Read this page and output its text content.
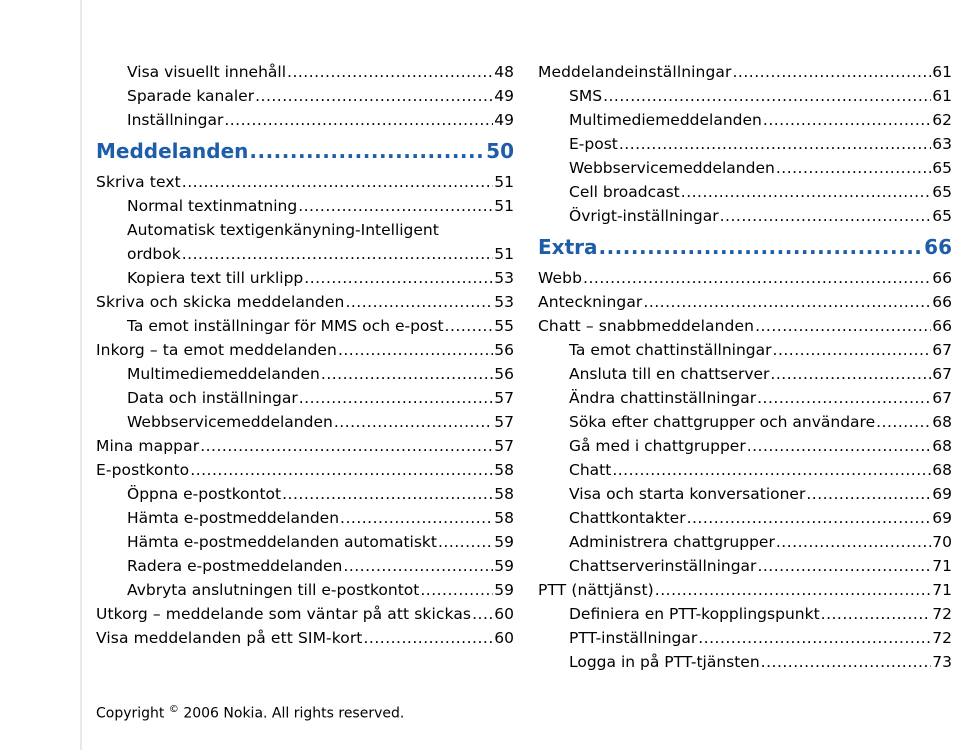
Visa visuellt innehåll .....	48
Sparade kanaler .....	49
Inställningar .....	49
Meddelanden .....	50
Skriva text .....	51
Normal textinmatning .....	51
Automatisk textigenkänyning-Intelligent
ordbok .....	51
Kopiera text till urklipp .....	53
Skriva och skicka meddelanden .....	53
Ta emot inställningar för MMS och e-post .....	55
Inkorg – ta emot meddelanden .....	56
Multimediemeddelanden .....	56
Data och inställningar .....	57
Webbservicemeddelanden .....	57
Mina mappar .....	57
E-postkonto .....	58
Öppna e-postkontot .....	58
Hämta e-postmeddelanden .....	58
Hämta e-postmeddelanden automatiskt .....	59
Radera e-postmeddelanden .....	59
Avbryta anslutningen till e-postkontot .....	59
Utkorg – meddelande som väntar på att skickas ..... 60
Visa meddelanden på ett SIM-kort .....	60
Meddelandeinställningar .....	61
SMS .....	61
Multimediemeddelanden .....	62
E-post .....	63
Webbservicemeddelanden .....	65
Cell broadcast .....	65
Övrigt-inställningar .....	65
Extra .....	66
Webb .....	66
Anteckningar .....	66
Chatt – snabbmeddelanden .....	66
Ta emot chattinställningar .....	67
Ansluta till en chattserver .....	67
Ändra chattinställningar .....	67
Söka efter chattgrupper och användare .....	68
Gå med i chattgrupper .....	68
Chatt .....	68
Visa och starta konversationer .....	69
Chattkontakter .....	69
Administrera chattgrupper .....	70
Chattserverinställningar .....	71
PTT (nättjänst) .....	71
Definiera en PTT-kopplingspunkt .....	72
PTT-inställningar .....	72
Logga in på PTT-tjänsten .....	73
Copyright © 2006 Nokia. All rights reserved.
